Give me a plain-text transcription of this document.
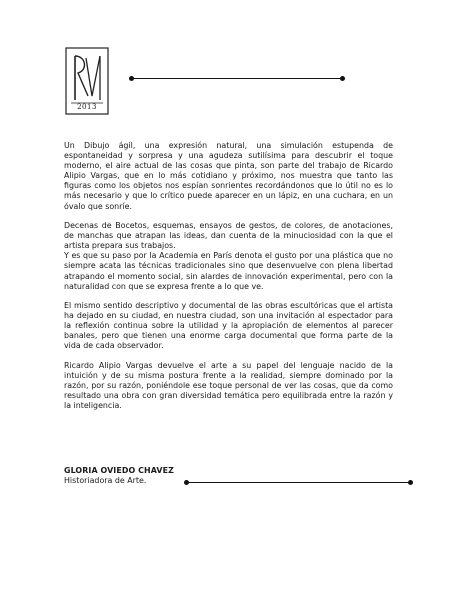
2013

Un Dibujo ágil, una expresión natural, una simulación estupenda de espontaneidad y sorpresa y una agudeza sutilísima para descubrir el toque moderno, el aire actual de las cosas que pinta, son parte del trabajo de Ricardo Alipio Vargas, que en lo más cotidiano y próximo, nos muestra que tanto las figuras como los objetos nos espían sonrientes recordándonos que lo útil no es lo más necesario y que lo crítico puede aparecer en un lápiz, en una cuchara, en un óvalo que sonríe.

Decenas de Bocetos, esquemas, ensayos de gestos, de colores, de anotaciones, de manchas que atrapan las ideas, dan cuenta de la minuciosidad con la que el artista prepara sus trabajos.

Y es que su paso por la Academia en París denota el gusto por una plástica que no siempre acata las técnicas tradicionales sino que desenvuelve con plena libertad atrapando el momento social, sin alardes de innovación experimental, pero con la naturalidad con que se expresa frente a lo que ve.

El mismo sentido descriptivo y documental de las obras escultóricas que el artista ha dejado en su ciudad, en nuestra ciudad, son una invitación al espectador para la reflexión continua sobre la utilidad y la apropiación de elementos al parecer banales, pero que tienen una enorme carga documental que forma parte de la vida de cada observador.

Ricardo Alipio Vargas devuelve el arte a su papel del lenguaje nacido de la intuición y de su misma postura frente a la realidad, siempre dominado por la razón, por su razón, poniéndole ese toque personal de ver las cosas, que da como resultado una obra con gran diversidad temática pero equilibrada entre la razón y la inteligencia.

GLORIA OVIEDO CHAVEZ
Historiadora de Arte.
